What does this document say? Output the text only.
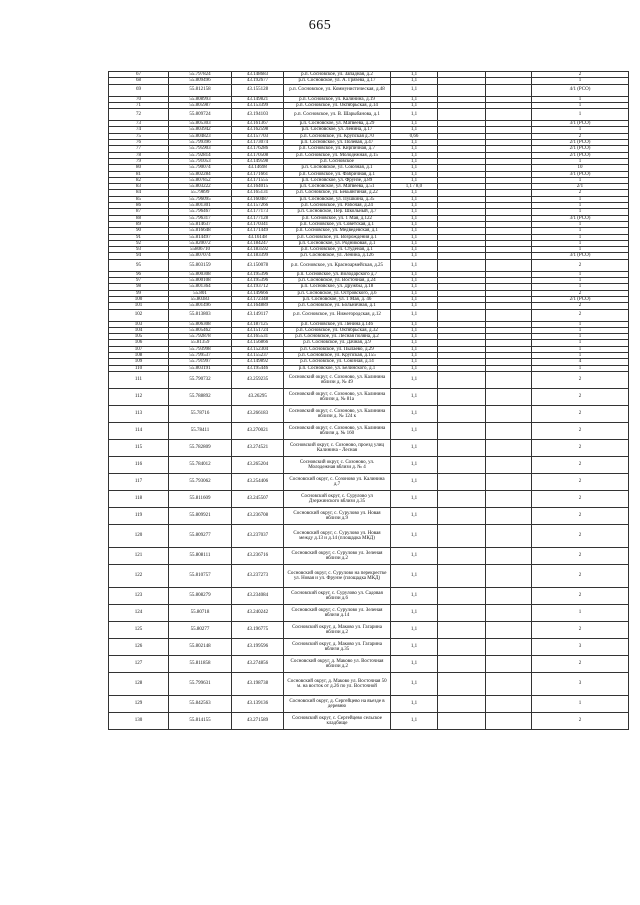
665
67	55.797824	43.148683	р.п. Сосновское, ул. Западная, д.2	1,1			2
68	55.809496	43.192677	р.п. Сосновское, ул. А. Грязева, д.17	1,1			1
69	55.812158	43.155128	р.п. Сосновское, ул. Коммунистическая, д.48	1,1			4/1 (РСО)
70	55.808993	43.149821	р.п. Сосновское, ул. Калинина, д.19	1,1			1
71	55.805987	43.153399	р.п. Сосновское, ул. Октябрьская, д.14	1,1			1
72	55.809724	43.194103	р.п. Сосновское, ул. В. Шарыбанова, д.1	1,1			1
73	55.805303	43.161367	р.п. Сосновское, ул. Матвеева, д.29	1,1			3/1 (РСО)
74	55.803942	43.162598	р.п. Сосновское, ул. Ленина, д.17	1,1			1
75	55.804823	43.157703	р.п. Сосновское, ул. Крупская д.70	0,66			2
76	55.799396	43.173074	р.п. Сосновское, ул. Полевая, д.47	1,1			2/1 (РСО)
77	55.795903	43.176286	р.п. Сосновское, ул. Кирпичная, д.7	1,1			2/1 (РСО)
78	55.792814	43.170508	р.п. Сосновское, ул. Молодежная, д.15	1,1			2/1 (РСО)
79	55.791053	43.149598	р.п. Сосновское	1,1			1
80	55.790074	43.14698	р.п. Сосновское, ул. Союзная, д.1	1,1			10
81	55.802284	43.171661	р.п. Сосновское, ул. Фабричная, д.1	1,1			3/1 (РСО)
82	55.807852	43.171555	р.п. Сосновское, ул. Фрунзе, д.89	1,1			1
83	55.803222	43.164015	р.п. Сосновское, ул. Матвеева, д.51	1,1 / 8,0			2/1
84	55.79899	43.165131	р.п. Сосновское, ул. Бекьянгиная, д.22	1,1			2
85	55.796095	43.160487	р.п. Сосновское, ул. Пушкина, д.35	1,1			1
86	55.801301	43.157266	р.п. Сосновское, ул. Рабочая, д.24	1,1			1
87	55.796467	43.177173	р.п. Сосновское, Пер. Школьный, д.7	1,1			1
88	55.796317	43.177128	р.п. Сосновское, ул. 1 Мая, д.122	1,1			3/1 (РСО)
89	55.814637	43.170341	р.п. Сосновское, ул. Советская, д.1	1,1			1
90	55.816648	43.171449	р.п. Сосновское, ул. Медведевская, д.1	1,1			1
91	55.814497	43.16148	р.п. Сосновское, ул. Возрождения д.1	1,1			1
92	55.820072	43.184247	р.п. Сосновское, ул. Родниковая, д.1	1,1			1
93	55806710	43.183592	р.п. Сосновское, ул. Студеная, д.1	1,1			1
94	55.807074	43.183399	р.п. Сосновское, ул. Ленина, д.126	1,1			3/1 (РСО)
95	55.803159	43.150078	р.п. Сосновское, ул. Красноармейская, д.25	1,1			2
96	55.800308	43.195396	р.п. Сосновское, ул. Володарского д.7	1,1			1
97	55.800108	43.195396	р.п. Сосновское, ул. Восточная, д.24	1,1			1
98	55.801364	43.193712	р.п. Сосновское, ул. Дружбы, д.18	1,1			1
99	55.801	43.149666	р.п. Сосновское, ул. Островского, д.6	1,1			2
100	55.80383	43.172348	р.п. Сосновское, ул. 1 Мая, д. 46	1,1			2/1 (РСО)
101	55.801496	43.164889	р.п. Сосновское, ул. Больничная, д.1	1,1			2
102	55.813803	43.149117	р.п. Сосновское, ул. Нижегородская, д.12	1,1			2
103	55.806308	43.187125	р.п. Сосновское, ул. Ленина д.146	1,1			1
104	55.805462	43.151724	р.п. Сосновское, ул. Октябрьская, д.32	1,1			1
105	55.792878	43.165531	р.п. Сосновское, ул. Лесная поляна, д.2	1,1			1
106	55.81359	43.156866	р.п. Сосновское, ул. Дачная, д.9	1,1			1
107	55.793998	43.152304	р.п. Сосновское, ул. Пылаево, д.29	1,1			1
108	55.799537	43.155237	р.п. Сосновское, ул. Крупская, д.155	1,1			1
109	55.791997	43.149892	р.п. Сосновское, ул. Союзная, д.14	1,1			4
110	55.803191	43.195446	р.п. Сосновское, ул. Белинского, д.1	1,1			1
111	55.790732	43.259235	Сосновский округ, с. Созоново, ул. Калинина вблизи д. № 49	1,1			2
112	55.788892	43.26295	Сосновский округ, с. Созоново, ул. Калинина вблизи д. № 81а	1,1			2
113	55.78716	43.266183	Сосновский округ, с. Созоново, ул. Калинина вблизи д. № 124 к	1,1			2
114	55.78411	43.270021	Сосновский округ, с. Созоново, ул. Калинина вблизи д. № 160	1,1			2
115	55.782809	43.274521	Сосновский округ, с. Созоново, проезд улиц Калинина - Лесная	1,1			2
116	55.784012	43.265204	Сосновский округ, с. Созоново, ул. Молодежная вблизи д. № 4	1,1			2
117	55.793062	43.254406	Сосновский округ, с. Созоново ул. Калинина д.7	1,1			2
118	55.811609	43.245507	Сосновский округ, с. Сурулово ул Дзержинского вблизи д.35	1,1			2
119	55.809921	43.236708	Сосновский округ, с. Сурулово ул. Новая вблизи д.9	1,1			2
120	55.809277	43.237037	Сосновский округ, с. Сурулово ул. Новая между д.13 и д.14 (площадка МКД)	1,1			2
121	55.808111	43.236716	Сосновский округ, с. Сурулово ул. Зеленая вблизи д.2	1,1			2
122	55.810757	43.237273	Сосновский округ, с. Сурулово на перекрестке ул. Новая и ул. Фрунзе (площадка МКД)	1,1			2
123	55.808279	43.234084	Сосновский округ, с. Сурулово ул. Садовая вблизи д.6	1,1			2
124	55.80718	43.240242	Сосновский округ, с. Сурулово ул. Зеленая вблизи д.14	1,1			1
125	55.80277	43.196775	Сосновский округ, д. Маково ул. Гагарина вблизи д.2	1,1			2
126	55.802148	43.199596	Сосновский округ, д. Маково ул. Гагарина вблизи д.35	1,1			3
127	55.811858	43.274856	Сосновский округ, д. Маково ул. Восточная вблизи д.2	1,1			2
128	55.799631	43.198738	Сосновский округ, д. Маково ул. Восточная 50 м. на восток от д.26 по ул. Восточной	1,1			3
129	55.842563	43.139136	Сосновский округ, д. Сергейцево на въезде в деревню	1,1			1
130	55.814155	43.271589	Сосновский округ, с. Сергейцево сельское кладбище	1,1			2
